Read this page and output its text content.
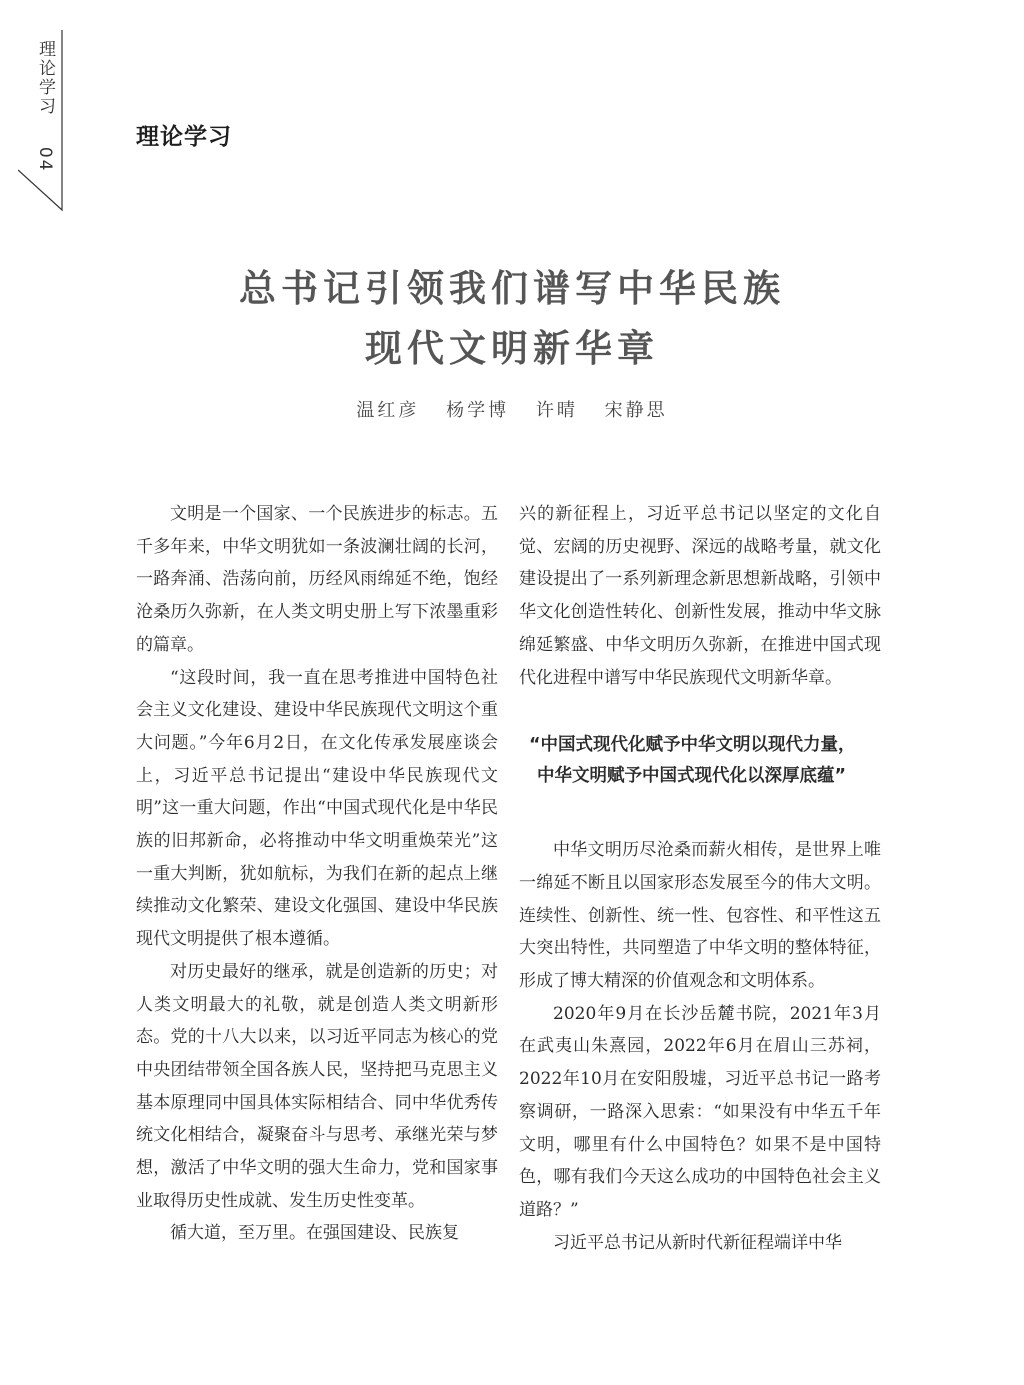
理论学习  04
理论学习
总书记引领我们谱写中华民族
现代文明新华章
温红彦 杨学博 许晴 宋静思

文明是一个国家、一个民族进步的标志。五千多年来，中华文明犹如一条波澜壮阔的长河，一路奔涌、浩荡向前，历经风雨绵延不绝，饱经沧桑历久弥新，在人类文明史册上写下浓墨重彩的篇章。

“这段时间，我一直在思考推进中国特色社会主义文化建设、建设中华民族现代文明这个重大问题。”今年6月2日，在文化传承发展座谈会上，习近平总书记提出“建设中华民族现代文明”这一重大问题，作出“中国式现代化是中华民族的旧邦新命，必将推动中华文明重焕荣光”这一重大判断，犹如航标，为我们在新的起点上继续推动文化繁荣、建设文化强国、建设中华民族现代文明提供了根本遵循。

对历史最好的继承，就是创造新的历史；对人类文明最大的礼敬，就是创造人类文明新形态。党的十八大以来，以习近平同志为核心的党中央团结带领全国各族人民，坚持把马克思主义基本原理同中国具体实际相结合、同中华优秀传统文化相结合，凝聚奋斗与思考、承继光荣与梦想，激活了中华文明的强大生命力，党和国家事业取得历史性成就、发生历史性变革。

循大道，至万里。在强国建设、民族复

兴的新征程上，习近平总书记以坚定的文化自觉、宏阔的历史视野、深远的战略考量，就文化建设提出了一系列新理念新思想新战略，引领中华文化创造性转化、创新性发展，推动中华文脉绵延繁盛、中华文明历久弥新，在推进中国式现代化进程中谱写中华民族现代文明新华章。

“中国式现代化赋予中华文明以现代力量，
中华文明赋予中国式现代化以深厚底蕴”

中华文明历尽沧桑而薪火相传，是世界上唯一绵延不断且以国家形态发展至今的伟大文明。连续性、创新性、统一性、包容性、和平性这五大突出特性，共同塑造了中华文明的整体特征，形成了博大精深的价值观念和文明体系。

2020年9月在长沙岳麓书院，2021年3月在武夷山朱熹园，2022年6月在眉山三苏祠，2022年10月在安阳殷墟，习近平总书记一路考察调研，一路深入思索：“如果没有中华五千年文明，哪里有什么中国特色？如果不是中国特色，哪有我们今天这么成功的中国特色社会主义道路？”

习近平总书记从新时代新征程端详中华
